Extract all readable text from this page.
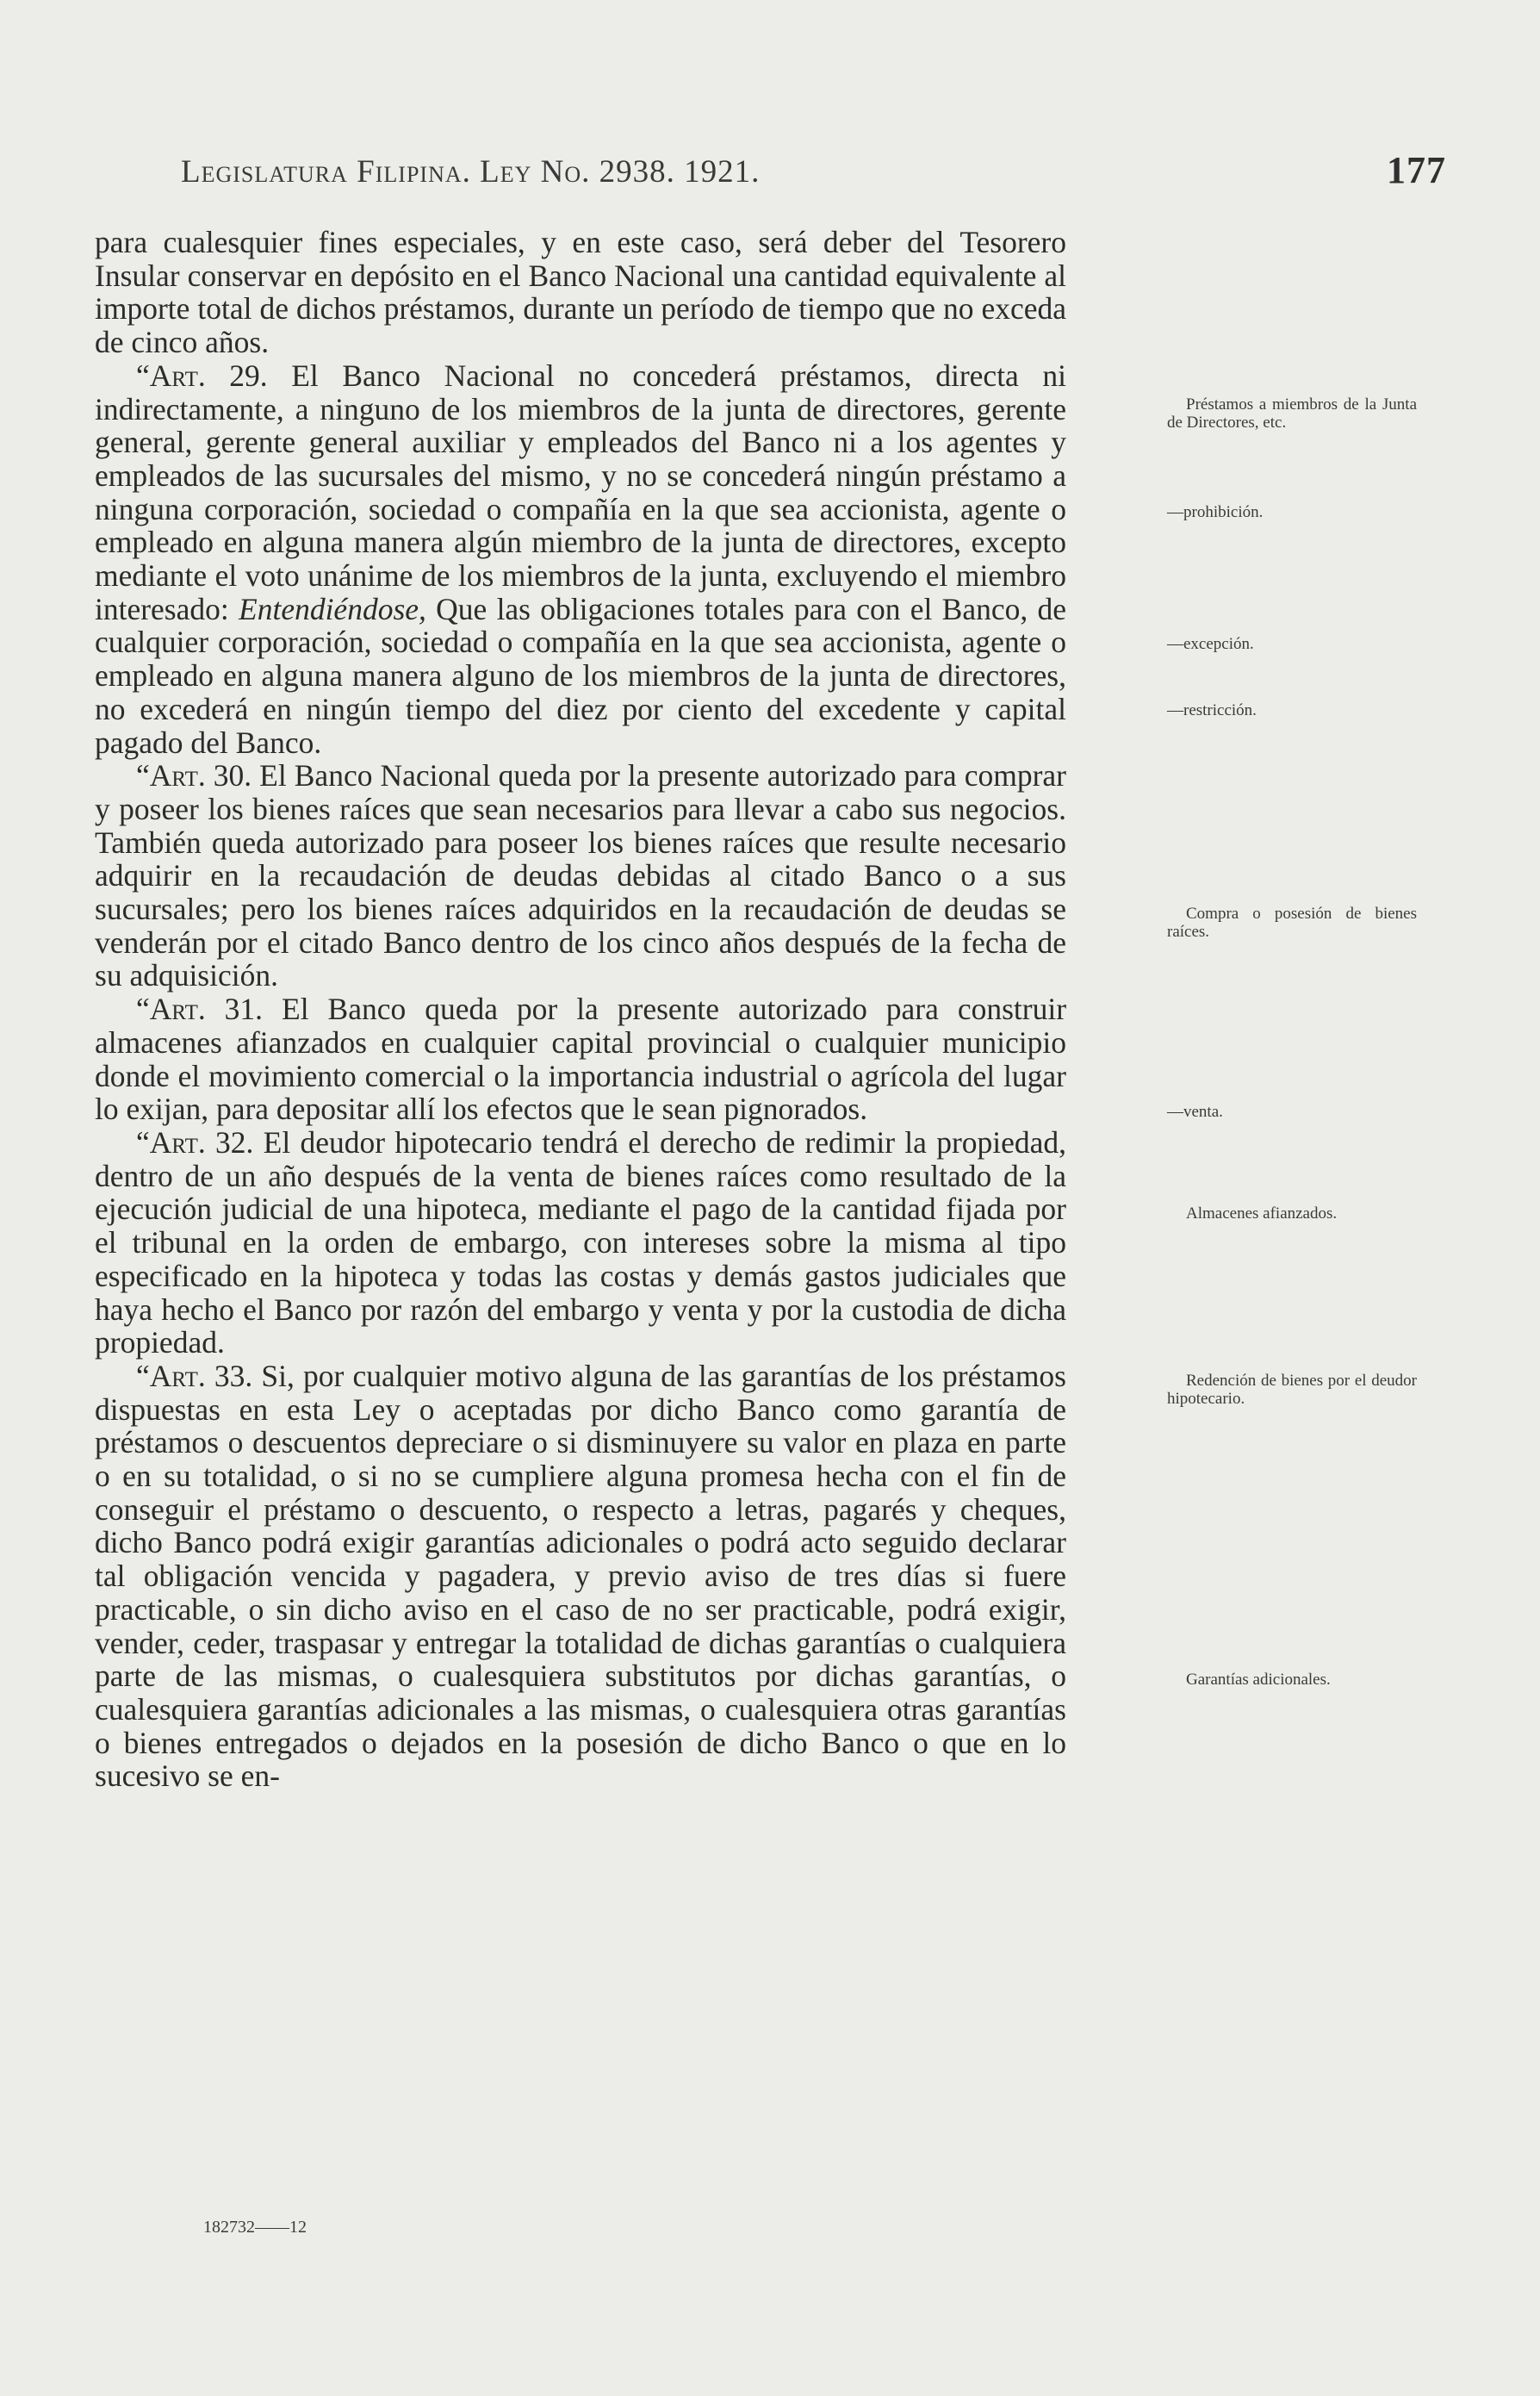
Legislatura Filipina. Ley No. 2938. 1921.	177

para cualesquier fines especiales, y en este caso, será deber del Tesorero Insular conservar en depósito en el Banco Nacional una cantidad equivalente al importe total de dichos préstamos, durante un período de tiempo que no exceda de cinco años.

“Art. 29. El Banco Nacional no concederá préstamos, directa ni indirectamente, a ninguno de los miembros de la junta de directores, gerente general, gerente general auxiliar y empleados del Banco ni a los agentes y empleados de las sucursales del mismo, y no se concederá ningún préstamo a ninguna corporación, sociedad o compañía en la que sea accionista, agente o empleado en alguna manera algún miembro de la junta de directores, excepto mediante el voto unánime de los miembros de la junta, excluyendo el miembro interesado: Entendiéndose, Que las obligaciones totales para con el Banco, de cualquier corporación, sociedad o compañía en la que sea accionista, agente o empleado en alguna manera alguno de los miembros de la junta de directores, no excederá en ningún tiempo del diez por ciento del excedente y capital pagado del Banco.

“Art. 30. El Banco Nacional queda por la presente autorizado para comprar y poseer los bienes raíces que sean necesarios para llevar a cabo sus negocios. También queda autorizado para poseer los bienes raíces que resulte necesario adquirir en la recaudación de deudas debidas al citado Banco o a sus sucursales; pero los bienes raíces adquiridos en la recaudación de deudas se venderán por el citado Banco dentro de los cinco años después de la fecha de su adquisición.

“Art. 31. El Banco queda por la presente autorizado para construir almacenes afianzados en cualquier capital provincial o cualquier municipio donde el movimiento comercial o la importancia industrial o agrícola del lugar lo exijan, para depositar allí los efectos que le sean pignorados.

“Art. 32. El deudor hipotecario tendrá el derecho de redimir la propiedad, dentro de un año después de la venta de bienes raíces como resultado de la ejecución judicial de una hipoteca, mediante el pago de la cantidad fijada por el tribunal en la orden de embargo, con intereses sobre la misma al tipo especificado en la hipoteca y todas las costas y demás gastos judiciales que haya hecho el Banco por razón del embargo y venta y por la custodia de dicha propiedad.

“Art. 33. Si, por cualquier motivo alguna de las garantías de los préstamos dispuestas en esta Ley o aceptadas por dicho Banco como garantía de préstamos o descuentos depreciare o si disminuyere su valor en plaza en parte o en su totalidad, o si no se cumpliere alguna promesa hecha con el fin de conseguir el préstamo o descuento, o respecto a letras, pagarés y cheques, dicho Banco podrá exigir garantías adicionales o podrá acto seguido declarar tal obligación vencida y pagadera, y previo aviso de tres días si fuere practicable, o sin dicho aviso en el caso de no ser practicable, podrá exigir, vender, ceder, traspasar y entregar la totalidad de dichas garantías o cualquiera parte de las mismas, o cualesquiera substitutos por dichas garantías, o cualesquiera garantías adicionales a las mismas, o cualesquiera otras garantías o bienes entregados o dejados en la posesión de dicho Banco o que en lo sucesivo se en-

Préstamos a miembros de la Junta de Directores, etc.
—prohibición.
—excepción.
—restricción.
Compra o posesión de bienes raíces.
—venta.
Almacenes afianzados.
Redención de bienes por el deudor hipotecario.
Garantías adicionales.
182732——12
